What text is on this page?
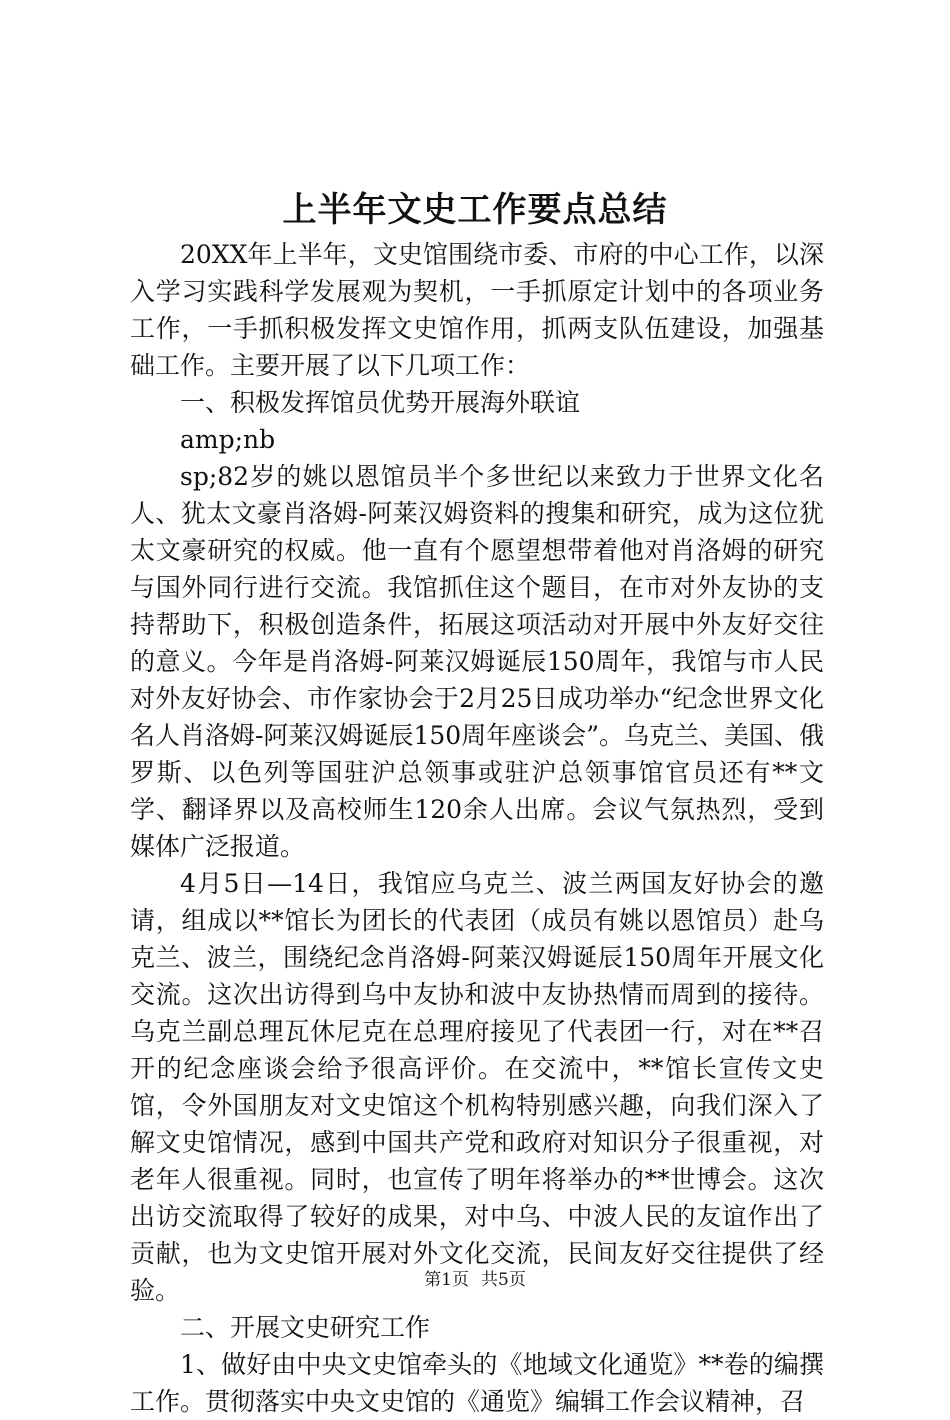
上半年文史工作要点总结

20XX年上半年，文史馆围绕市委、市府的中心工作，以深入学习实践科学发展观为契机，一手抓原定计划中的各项业务工作，一手抓积极发挥文史馆作用，抓两支队伍建设，加强基础工作。主要开展了以下几项工作：

一、积极发挥馆员优势开展海外联谊

amp;nb

sp;82岁的姚以恩馆员半个多世纪以来致力于世界文化名人、犹太文豪肖洛姆-阿莱汉姆资料的搜集和研究，成为这位犹太文豪研究的权威。他一直有个愿望想带着他对肖洛姆的研究与国外同行进行交流。我馆抓住这个题目，在市对外友协的支持帮助下，积极创造条件，拓展这项活动对开展中外友好交往的意义。今年是肖洛姆-阿莱汉姆诞辰150周年，我馆与市人民对外友好协会、市作家协会于2月25日成功举办“纪念世界文化名人肖洛姆-阿莱汉姆诞辰150周年座谈会”。乌克兰、美国、俄罗斯、以色列等国驻沪总领事或驻沪总领事馆官员还有**文学、翻译界以及高校师生120余人出席。会议气氛热烈，受到媒体广泛报道。

4月5日—14日，我馆应乌克兰、波兰两国友好协会的邀请，组成以**馆长为团长的代表团（成员有姚以恩馆员）赴乌克兰、波兰，围绕纪念肖洛姆-阿莱汉姆诞辰150周年开展文化交流。这次出访得到乌中友协和波中友协热情而周到的接待。乌克兰副总理瓦休尼克在总理府接见了代表团一行，对在**召开的纪念座谈会给予很高评价。在交流中，**馆长宣传文史馆，令外国朋友对文史馆这个机构特别感兴趣，向我们深入了解文史馆情况，感到中国共产党和政府对知识分子很重视，对老年人很重视。同时，也宣传了明年将举办的**世博会。这次出访交流取得了较好的成果，对中乌、中波人民的友谊作出了贡献，也为文史馆开展对外文化交流，民间友好交往提供了经验。

二、开展文史研究工作

1、做好由中央文史馆牵头的《地域文化通览》**卷的编撰工作。贯彻落实中央文史馆的《通览》编辑工作会议精神，召

第1页 共5页
